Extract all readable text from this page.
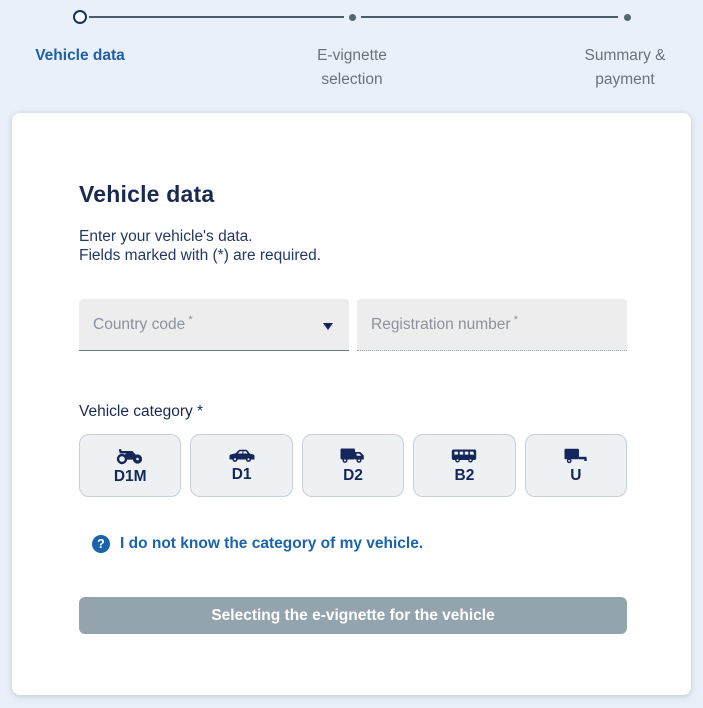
Vehicle data	E-vignette selection
Summary & payment
Vehicle data
Enter your vehicle's data.
Fields marked with (*) are required.
Country code  *	Registration number  *
Vehicle category *
D1M	D1	D2	B2	U
? I do not know the category of my vehicle.
Selecting the e-vignette for the vehicle
